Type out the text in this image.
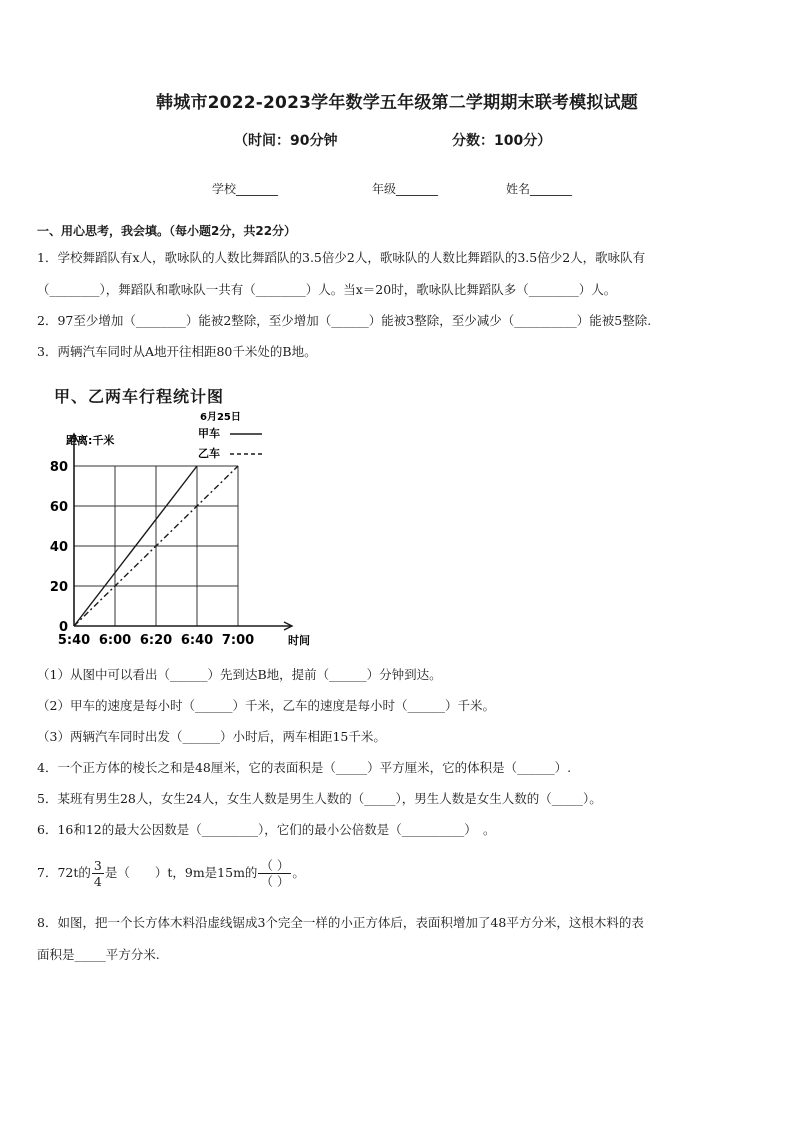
韩城市2022-2023学年数学五年级第二学期期末联考模拟试题
（时间：90分钟	分数：100分）
学校_______	年级_______	姓名_______
一、用心思考，我会填。（每小题2分，共22分）
1．学校舞蹈队有x人，歌咏队的人数比舞蹈队的3.5倍少2人，歌咏队的人数比舞蹈队的3.5倍少2人，歌咏队有
（________），舞蹈队和歌咏队一共有（________）人。当x＝20时，歌咏队比舞蹈队多（________）人。
2．97至少增加（________）能被2整除，至少增加（______）能被3整除，至少减少（__________）能被5整除.
3．两辆汽车同时从A地开往相距80千米处的B地。
甲、乙两车行程统计图
0
20
40
60
80
5:40 6:00 6:20 6:40 7:00
6月25日
距离:千米
时间
甲车
乙车
（1）从图中可以看出（______）先到达B地，提前（______）分钟到达。
（2）甲车的速度是每小时（______）千米，乙车的速度是每小时（______）千米。
（3）两辆汽车同时出发（______）小时后，两车相距15千米。
4．一个正方体的棱长之和是48厘米，它的表面积是（_____）平方厘米，它的体积是（______）.
5．某班有男生28人，女生24人，女生人数是男生人数的（_____），男生人数是女生人数的（_____）。
6．16和12的最大公因数是（_________），它们的最小公倍数是（__________）　。
7．72t的 $\frac{3}{4}$ 是（　　）t，9m是15m的 $\frac{( )}{( )}$ 。
8．如图，把一个长方体木料沿虚线锯成3个完全一样的小正方体后，表面积增加了48平方分米，这根木料的表
面积是_____平方分米.
